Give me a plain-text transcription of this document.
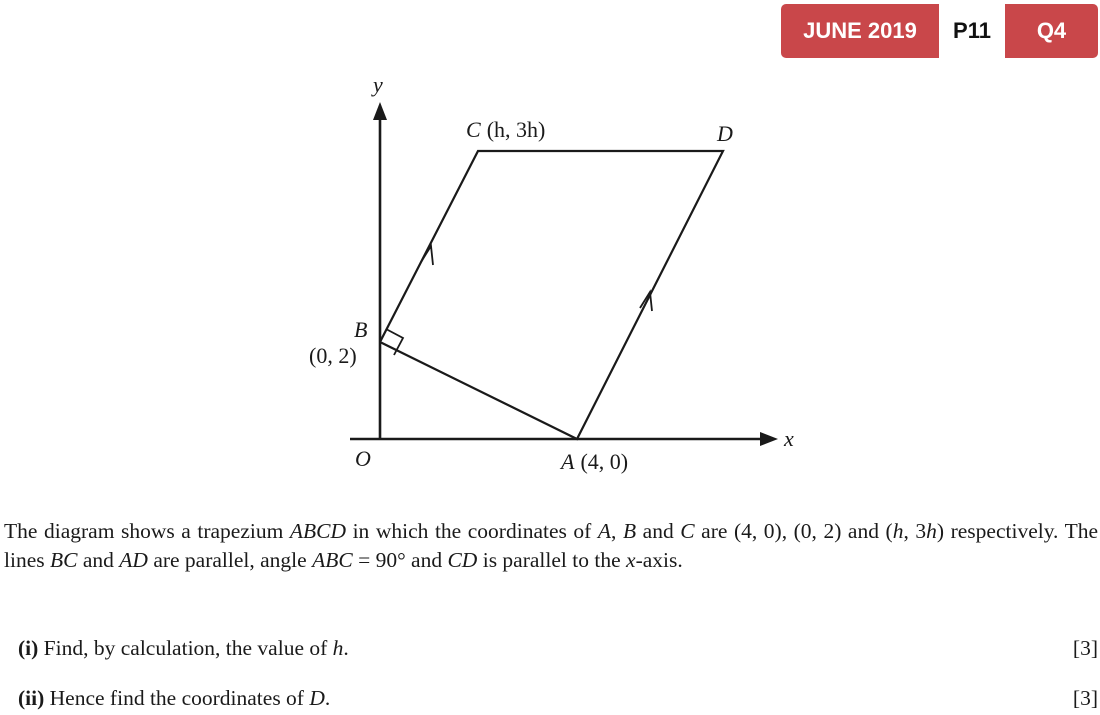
JUNE 2019	P11	Q4
y
x
O
C (h, 3h)	D
B
(0, 2)
A (4, 0)

The diagram shows a trapezium ABCD in which the coordinates of A, B and C are (4, 0), (0, 2) and (h, 3h) respectively. The lines BC and AD are parallel, angle ABC = 90° and CD is parallel to the x-axis.

(i) Find, by calculation, the value of h.	[3]
(ii) Hence find the coordinates of D.	[3]
